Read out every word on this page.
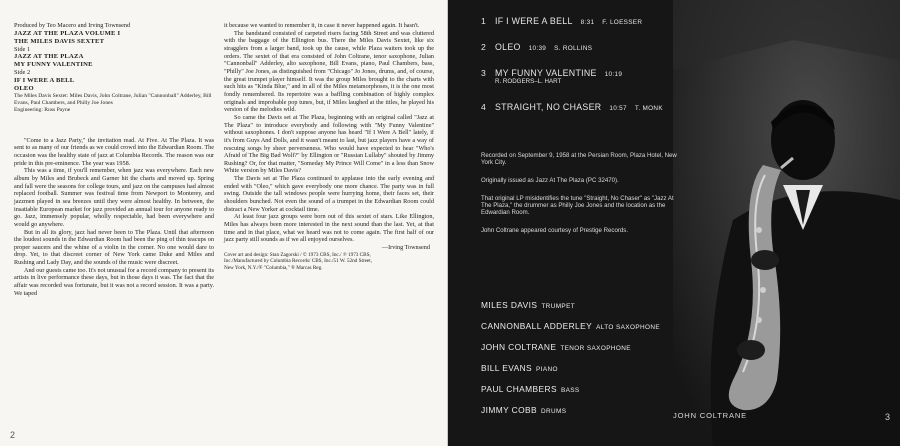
Produced by Teo Macero and Irving Townsend

JAZZ AT THE PLAZA VOLUME I

THE MILES DAVIS SEXTET

Side 1

JAZZ AT THE PLAZA

MY FUNNY VALENTINE

Side 2

IF I WERE A BELL

OLEO

The Miles Davis Sextet: Miles Davis, John Coltrane, Julian "Cannonball" Adderley, Bill Evans, Paul Chambers, and Philly Joe Jones

Engineering: Russ Payne

"Come to a Jazz Party," the invitation read. At Five. At The Plaza. It was sent to as many of our friends as we could crowd into the Edwardian Room. The occasion was the healthy state of jazz at Columbia Records. The reason was our pride in this pre-eminence. The year was 1958.

This was a time, if you'll remember, when jazz was everywhere. Each new album by Miles and Brubeck and Garner hit the charts and moved up. Spring and fall were the seasons for college tours, and jazz on the campuses had almost replaced football. Summer was festival time from Newport to Monterey, and jazzmen played in sea breezes until they were almost healthy. In between, the insatiable European market for jazz provided an annual tour for anyone ready to go. Jazz, immensely popular, wholly respectable, had been everywhere and would go anywhere.

But in all its glory, jazz had never been to The Plaza. Until that afternoon the loudest sounds in the Edwardian Room had been the ping of thin teacups on proper saucers and the whine of a violin in the corner. No one would dare to drop. Yet, to that discreet corner of New York came Duke and Miles and Rushing and Lady Day, and the sounds of the music were discreet.

And our guests came too. It's not unusual for a record company to present its artists in live performance these days, but in those days it was. The fact that the affair was recorded was fortunate, but it was not a record session. It was a party. We taped

it because we wanted to remember it, in case it never happened again. It hasn't.

The bandstand consisted of carpeted risers facing 58th Street and was cluttered with the baggage of the Ellington bus. There the Miles Davis Sextet, like six stragglers from a larger band, took up the cause, while Plaza waiters took up the orders. The sextet of that era consisted of John Coltrane, tenor saxophone, Julian "Cannonball" Adderley, alto saxophone, Bill Evans, piano, Paul Chambers, bass, "Philly" Joe Jones, as distinguished from "Chicago" Jo Jones, drums, and, of course, the great trumpet player himself. It was the group Miles brought to the charts with such hits as "Kinda Blue," and in all of the Miles metamorphoses, it is the one most fondly remembered. Its repertoire was a baffling combination of highly complex originals and improbable pop tunes, but, if Miles laughed at the titles, he played his version of the melodies wild.

So came the Davis set at The Plaza, beginning with an original called "Jazz at The Plaza" to introduce everybody and following with "My Funny Valentine" without saxophones. I don't suppose anyone has heard "If I Were A Bell" lately, if it's from Guys And Dolls, and it wasn't meant to last, but jazz players have a way of rescuing songs by sheer perverseness. Who would have expected to hear "Who's Afraid of The Big Bad Wolf?" by Ellington or "Russian Lullaby" shouted by Jimmy Rushing? Or, for that matter, "Someday My Prince Will Come" in a less than Snow White version by Miles Davis?

The Davis set at The Plaza continued to applause into the early evening and ended with "Oleo," which gave everybody one more chance. The party was in full swing. Outside the tall windows people were hurrying home, their faces set, their shoulders bunched. Not even the sound of a trumpet in the Edwardian Room could distract a New Yorker at cocktail time.

At least four jazz groups were born out of this sextet of stars. Like Ellington, Miles has always been more interested in the next sound than the last. Yet, at that time and in that place, what we heard was not to come again. The first half of our jazz party still sounds as if we all enjoyed ourselves.

—Irving Townsend

Cover art and design: Stan Zagorski / © 1973 CBS, Inc./ ℗ 1973 CBS, Inc./Manufactured by Columbia Records/ CBS, Inc./51 W. 52nd Street, New York, N.Y./® "Columbia," ® Marcas Reg.

2
1	IF I WERE A BELL 8:31 F. LOESSER
2	OLEO 10:39 S. ROLLINS
3	MY FUNNY VALENTINE 10:19
R. RODGERS–L. HART
4	STRAIGHT, NO CHASER 10:57 T. MONK

Recorded on September 9, 1958 at the Persian Room, Plaza Hotel, New York City.

Originally issued as Jazz At The Plaza (PC 32470).

That original LP misidentifies the tune "Straight, No Chaser" as "Jazz At The Plaza," the drummer as Philly Joe Jones and the location as the Edwardian Room.

John Coltrane appeared courtesy of Prestige Records.

MILES DAVIS TRUMPET
CANNONBALL ADDERLEY ALTO SAXOPHONE
JOHN COLTRANE TENOR SAXOPHONE
BILL EVANS PIANO
PAUL CHAMBERS BASS
JIMMY COBB DRUMS	JOHN COLTRANE	3
